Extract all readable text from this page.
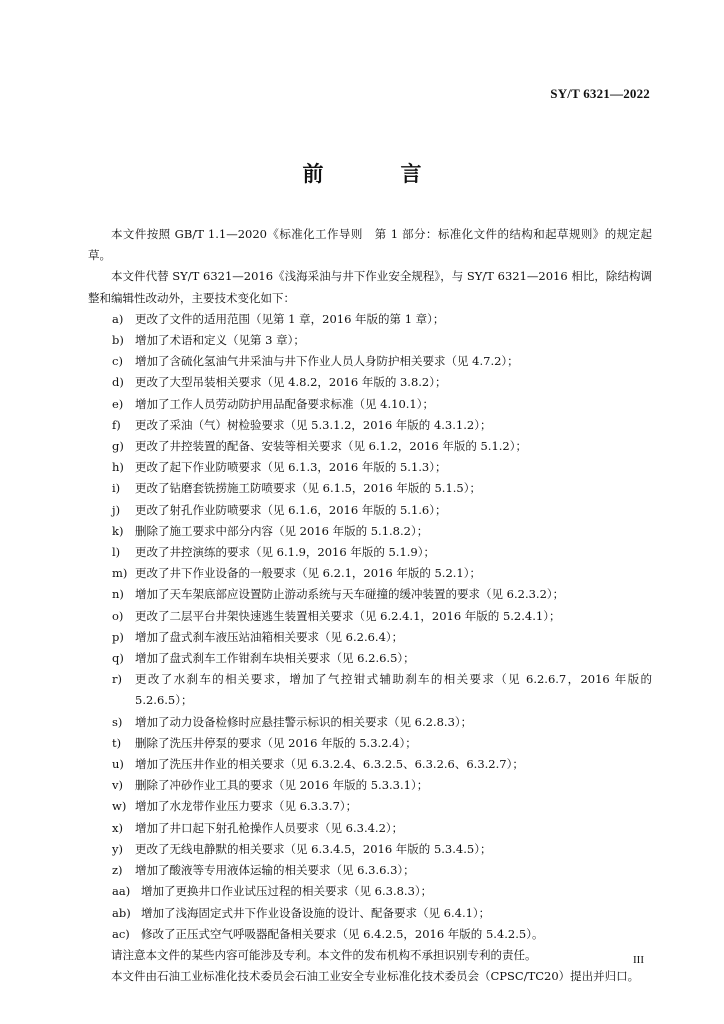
SY/T 6321—2022
前　言

本文件按照 GB/T 1.1—2020《标准化工作导则　第 1 部分：标准化文件的结构和起草规则》的规定起草。

本文件代替 SY/T 6321—2016《浅海采油与井下作业安全规程》，与 SY/T 6321—2016 相比，除结构调整和编辑性改动外，主要技术变化如下：

a) 更改了文件的适用范围（见第 1 章，2016 年版的第 1 章）；
b) 增加了术语和定义（见第 3 章）；
c) 增加了含硫化氢油气井采油与井下作业人员人身防护相关要求（见 4.7.2）；
d) 更改了大型吊装相关要求（见 4.8.2，2016 年版的 3.8.2）；
e) 增加了工作人员劳动防护用品配备要求标准（见 4.10.1）；
f) 更改了采油（气）树检验要求（见 5.3.1.2，2016 年版的 4.3.1.2）；
g) 更改了井控装置的配备、安装等相关要求（见 6.1.2，2016 年版的 5.1.2）；
h) 更改了起下作业防喷要求（见 6.1.3，2016 年版的 5.1.3）；
i) 更改了钻磨套铣捞施工防喷要求（见 6.1.5，2016 年版的 5.1.5）；
j) 更改了射孔作业防喷要求（见 6.1.6，2016 年版的 5.1.6）；
k) 删除了施工要求中部分内容（见 2016 年版的 5.1.8.2）；
l) 更改了井控演练的要求（见 6.1.9，2016 年版的 5.1.9）；
m) 更改了井下作业设备的一般要求（见 6.2.1，2016 年版的 5.2.1）；
n) 增加了天车架底部应设置防止游动系统与天车碰撞的缓冲装置的要求（见 6.2.3.2）；
o) 更改了二层平台井架快速逃生装置相关要求（见 6.2.4.1，2016 年版的 5.2.4.1）；
p) 增加了盘式刹车液压站油箱相关要求（见 6.2.6.4）；
q) 增加了盘式刹车工作钳刹车块相关要求（见 6.2.6.5）；
r) 更改了水刹车的相关要求，增加了气控钳式辅助刹车的相关要求（见 6.2.6.7，2016 年版的 5.2.6.5）；
s) 增加了动力设备检修时应悬挂警示标识的相关要求（见 6.2.8.3）；
t) 删除了洗压井停泵的要求（见 2016 年版的 5.3.2.4）；
u) 增加了洗压井作业的相关要求（见 6.3.2.4、6.3.2.5、6.3.2.6、6.3.2.7）；
v) 删除了冲砂作业工具的要求（见 2016 年版的 5.3.3.1）；
w) 增加了水龙带作业压力要求（见 6.3.3.7）；
x) 增加了井口起下射孔枪操作人员要求（见 6.3.4.2）；
y) 更改了无线电静默的相关要求（见 6.3.4.5，2016 年版的 5.3.4.5）；
z) 增加了酸液等专用液体运输的相关要求（见 6.3.6.3）；
aa) 增加了更换井口作业试压过程的相关要求（见 6.3.8.3）；
ab) 增加了浅海固定式井下作业设备设施的设计、配备要求（见 6.4.1）；
ac) 修改了正压式空气呼吸器配备相关要求（见 6.4.2.5，2016 年版的 5.4.2.5）。

请注意本文件的某些内容可能涉及专利。本文件的发布机构不承担识别专利的责任。

本文件由石油工业标准化技术委员会石油工业安全专业标准化技术委员会（CPSC/TC20）提出并归口。

III
